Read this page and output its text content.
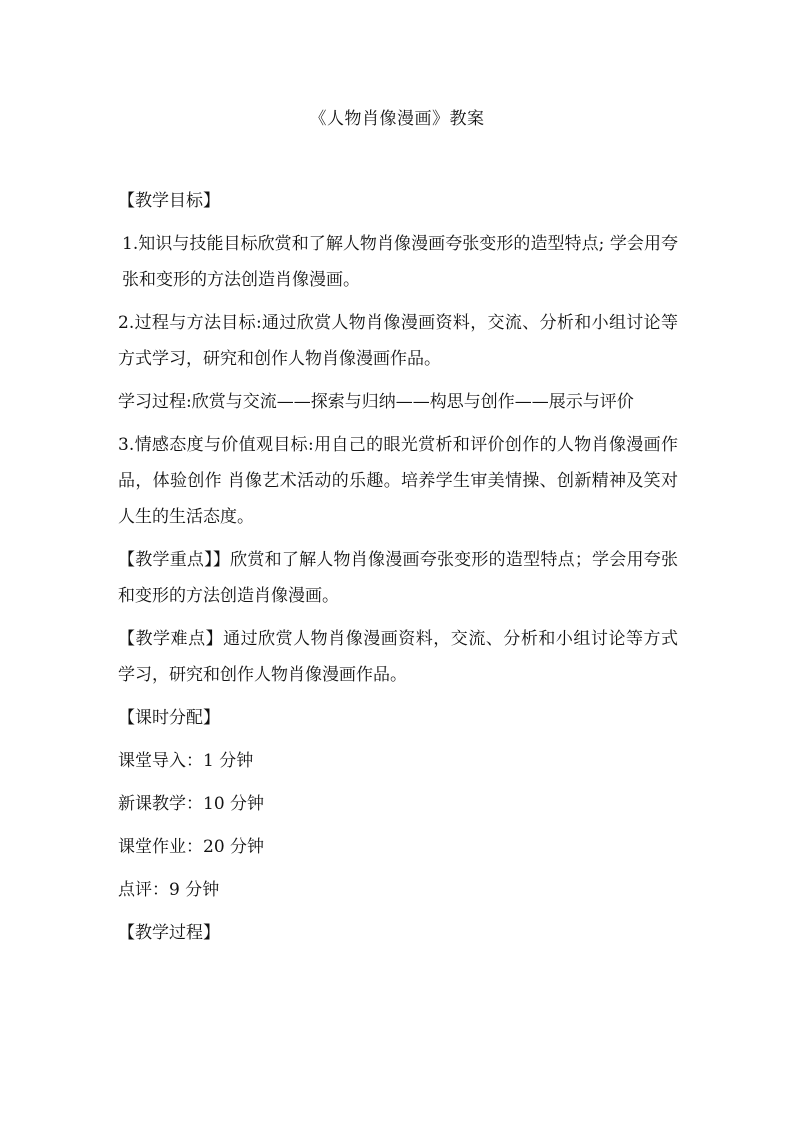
《人物肖像漫画》教案

【教学目标】

1.知识与技能目标欣赏和了解人物肖像漫画夸张变形的造型特点; 学会用夸张和变形的方法创造肖像漫画。

2.过程与方法目标:通过欣赏人物肖像漫画资料，交流、分析和小组讨论等方式学习，研究和创作人物肖像漫画作品。

学习过程:欣赏与交流——探索与归纳——构思与创作——展示与评价

3.情感态度与价值观目标:用自己的眼光赏析和评价创作的人物肖像漫画作品，体验创作 肖像艺术活动的乐趣。培养学生审美情操、创新精神及笑对人生的生活态度。

【教学重点】】欣赏和了解人物肖像漫画夸张变形的造型特点；学会用夸张和变形的方法创造肖像漫画。

【教学难点】通过欣赏人物肖像漫画资料，交流、分析和小组讨论等方式学习，研究和创作人物肖像漫画作品。

【课时分配】

课堂导入：1 分钟

新课教学：10 分钟

课堂作业：20 分钟

点评：9 分钟

【教学过程】
